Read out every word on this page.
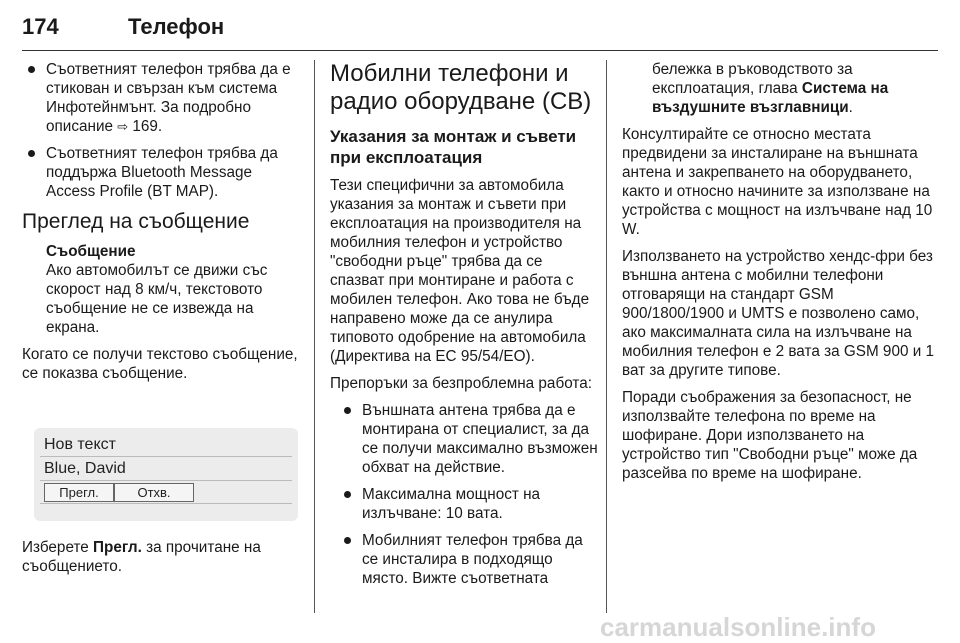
174	Телефон
Съответният телефон трябва да е стикован и свързан към система Инфотейнмънт. За подробно описание ⇨ 169.
Съответният телефон трябва да поддържа Bluetooth Message Access Profile (BT MAP).
Преглед на съобщение
Съобщение
Ако автомобилът се движи със скорост над 8 км/ч, текстовото съобщение не се извежда на екрана.

Когато се получи текстово съобщение, се показва съобщение.

Нов текст
Blue, David
Прегл.	Отхв.
Изберете Прегл. за прочитане на съобщението.
Мобилни телефони и радио оборудване (CB)
Указания за монтаж и съвети при експлоатация

Тези специфични за автомобила указания за монтаж и съвети при експлоатация на производителя на мобилния телефон и устройство "свободни ръце" трябва да се спазват при монтиране и работа с мобилен телефон. Ако това не бъде направено може да се анулира типовото одобрение на автомобила (Директива на ЕС 95/54/ЕО).

Препоръки за безпроблемна работа:

Външната антена трябва да е монтирана от специалист, за да се получи максимално възможен обхват на действие.
Максимална мощност на излъчване: 10 вата.
Мобилният телефон трябва да се инсталира в подходящо място. Вижте съответната

бележка в ръководството за експлоатация, глава Система на въздушните възглавници.

Консултирайте се относно местата предвидени за инсталиране на външната антена и закрепването на оборудването, както и относно начините за използване на устройства с мощност на излъчване над 10 W.

Използването на устройство хендс-фри без външна антена с мобилни телефони отговарящи на стандарт GSM 900/1800/1900 и UMTS е позволено само, ако максималната сила на излъчване на мобилния телефон е 2 вата за GSM 900 и 1 ват за другите типове.

Поради съображения за безопасност, не използвайте телефона по време на шофиране. Дори използването на устройство тип "Свободни ръце" може да разсейва по време на шофиране.

carmanualsonline.info
